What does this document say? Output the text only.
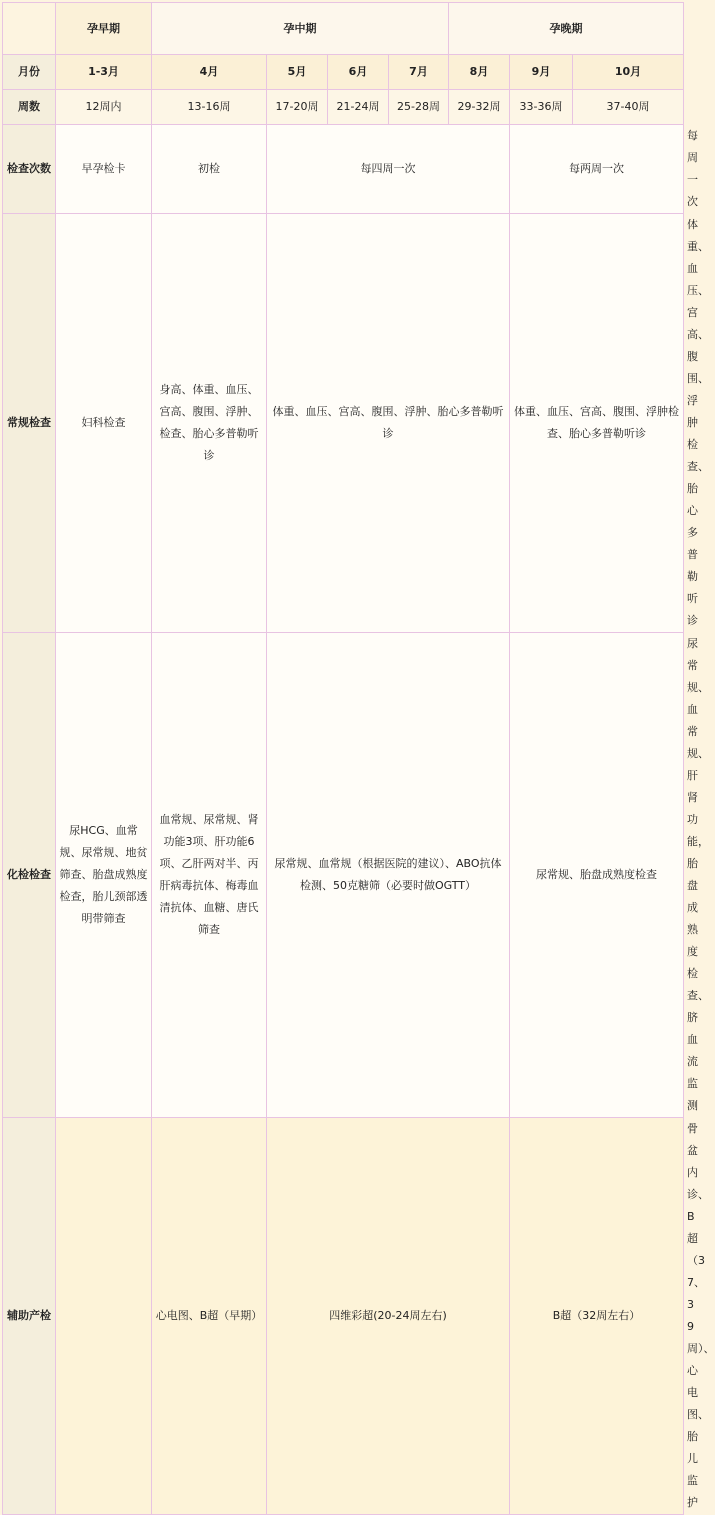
	孕早期	孕中期				孕晚期			
月份	1-3月	4月	5月	6月	7月	8月	9月	10月	
周数	12周内	13-16周	17-20周	21-24周	25-28周	29-32周	33-36周	37-40周	
检查次数	早孕检卡	初检	每四周一次				每两周一次		每周一次
常规检查	妇科检查	身高、体重、血压、宫高、腹围、浮肿、检查、胎心多普勒听诊	体重、血压、宫高、腹围、浮肿、胎心多普勒听诊				体重、血压、宫高、腹围、浮肿检查、胎心多普勒听诊		体重、血压、宫高、腹围、浮肿检查、胎心多普勒听诊
化检检查	尿HCG、血常规、尿常规、地贫筛查、胎盘成熟度检查，胎儿颈部透明带筛查	血常规、尿常规、肾功能3项、肝功能6项、乙肝两对半、丙肝病毒抗体、梅毒血清抗体、血糖、唐氏筛查	尿常规、血常规（根据医院的建议）、ABO抗体检测、50克糖筛（必要时做OGTT）				尿常规、胎盘成熟度检查		尿常规、血常规、肝肾功能，胎盘成熟度检查、脐血流监测
辅助产检		心电图、B超（早期）	四维彩超(20-24周左右)				B超（32周左右）		骨盆内诊、B超（37、39周）、心电图、胎儿监护
